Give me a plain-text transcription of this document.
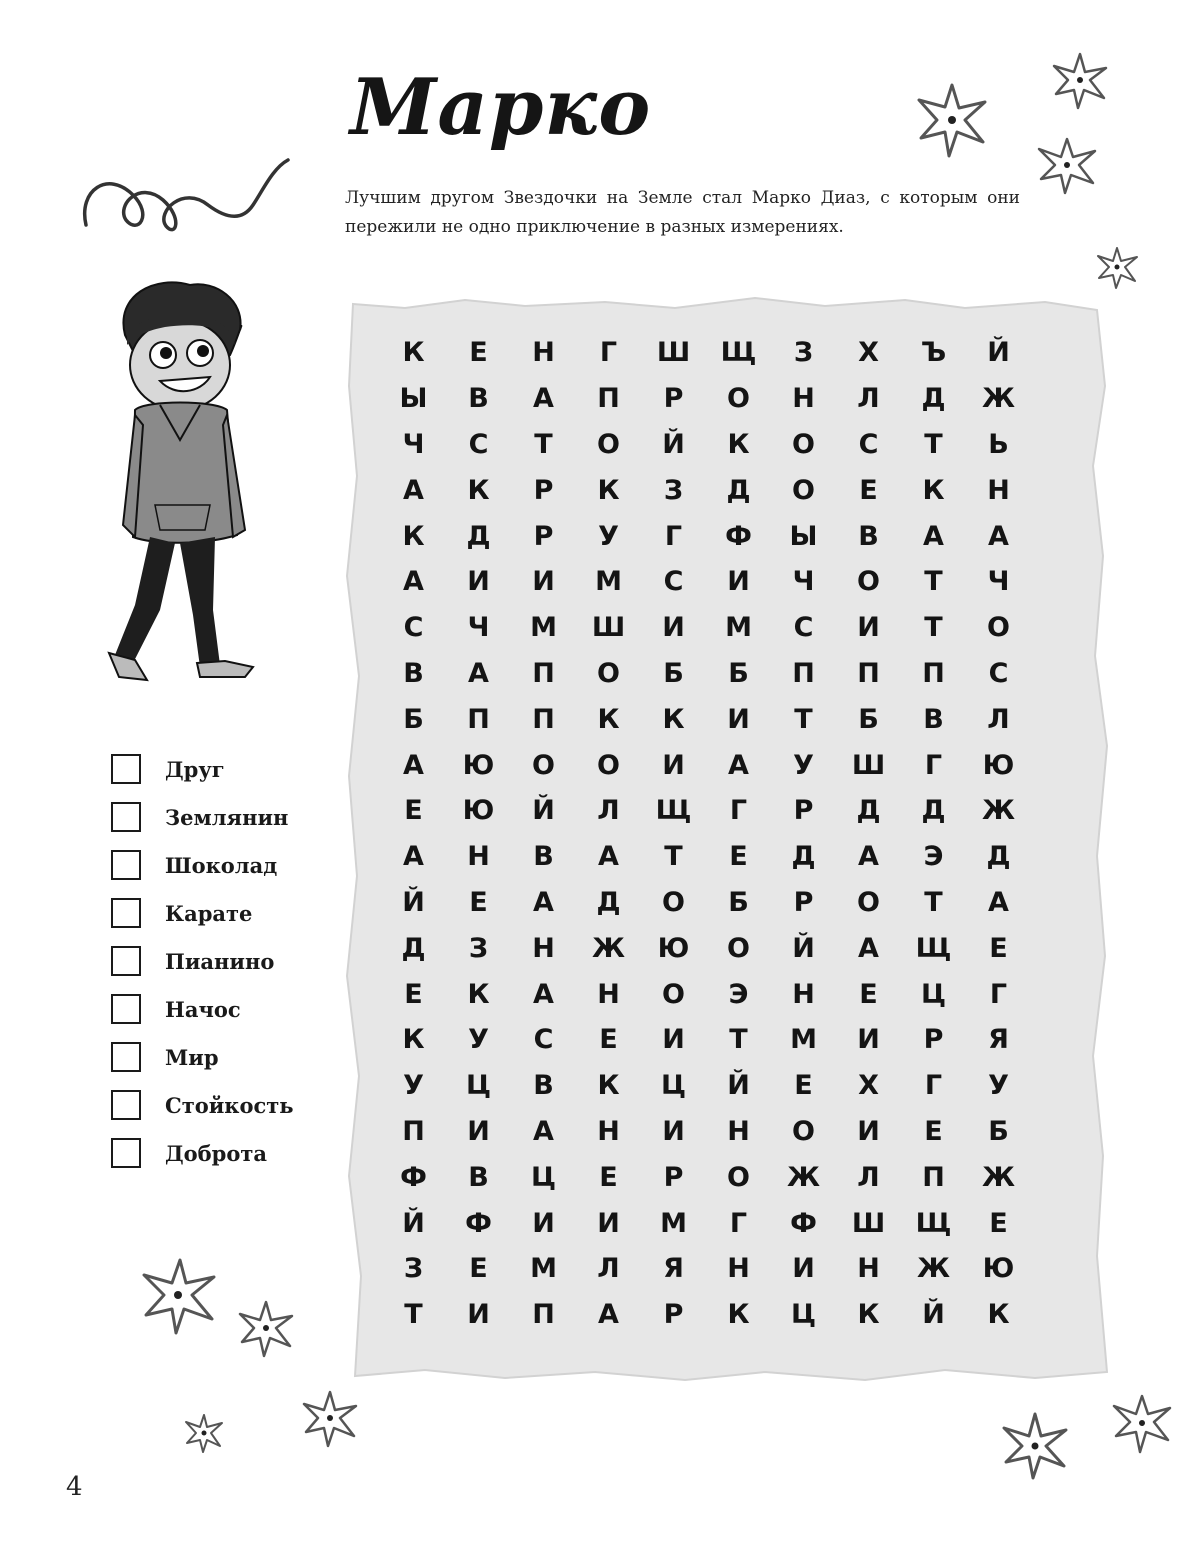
Марко
Лучшим другом Звездочки на Земле стал Марко Диаз, с которым они пережили не одно приключение в разных измерениях.
К	Е	Н	Г	Ш	Щ	З	Х	Ъ	Й
Ы	В	А	П	Р	О	Н	Л	Д	Ж
Ч	С	Т	О	Й	К	О	С	Т	Ь
А	К	Р	К	З	Д	О	Е	К	Н
К	Д	Р	У	Г	Ф	Ы	В	А	А
А	И	И	М	С	И	Ч	О	Т	Ч
С	Ч	М	Ш	И	М	С	И	Т	О
В	А	П	О	Б	Б	П	П	П	С
Б	П	П	К	К	И	Т	Б	В	Л
А	Ю	О	О	И	А	У	Ш	Г	Ю
Е	Ю	Й	Л	Щ	Г	Р	Д	Д	Ж
А	Н	В	А	Т	Е	Д	А	Э	Д
Й	Е	А	Д	О	Б	Р	О	Т	А
Д	З	Н	Ж	Ю	О	Й	А	Щ	Е
Е	К	А	Н	О	Э	Н	Е	Ц	Г
К	У	С	Е	И	Т	М	И	Р	Я
У	Ц	В	К	Ц	Й	Е	Х	Г	У
П	И	А	Н	И	Н	О	И	Е	Б
Ф	В	Ц	Е	Р	О	Ж	Л	П	Ж
Й	Ф	И	И	М	Г	Ф	Ш	Щ	Е
З	Е	М	Л	Я	Н	И	Н	Ж	Ю
Т	И	П	А	Р	К	Ц	К	Й	К
Друг
Землянин
Шоколад
Карате
Пианино
Начос
Мир
Стойкость
Доброта
4
